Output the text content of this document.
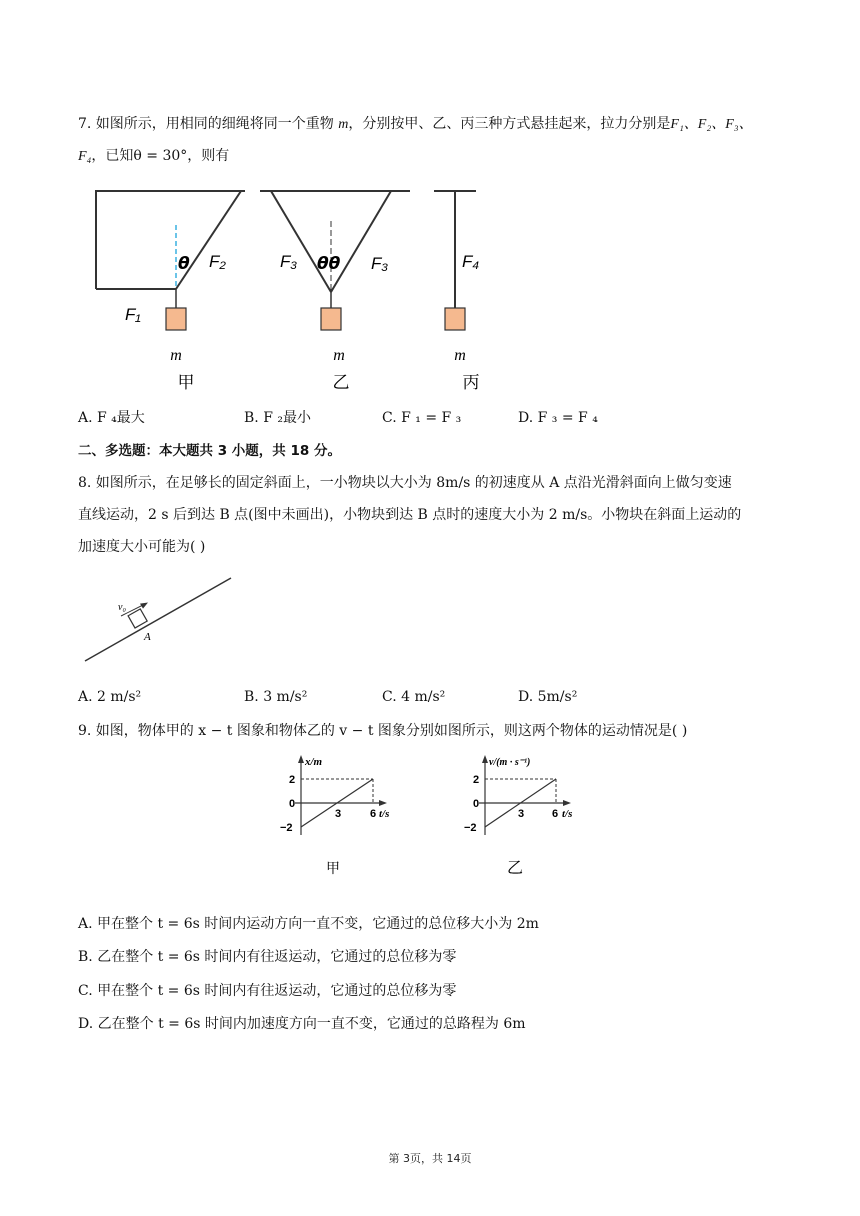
7. 如图所示，用相同的细绳将同一个重物 m，分别按甲、乙、丙三种方式悬挂起来，拉力分别是F₁、F₂、F₃、
F₄，已知θ = 30°，则有
θ F₂
F₁
m
甲
F₃ θθ F₃
m
乙
F₄
m
丙
A. F ₄最大	B. F ₂最小	C. F ₁ = F ₃	D. F ₃ = F ₄
二、多选题：本大题共 3 小题，共 18 分。
8. 如图所示，在足够长的固定斜面上，一小物块以大小为 8m/s 的初速度从 A 点沿光滑斜面向上做匀变速
直线运动，2 s 后到达 B 点(图中未画出)，小物块到达 B 点时的速度大小为 2 m/s。小物块在斜面上运动的
加速度大小可能为( )
v₀
A
A. 2 m/s²	B. 3 m/s²	C. 4 m/s²	D. 5m/s²
9. 如图，物体甲的 x − t 图象和物体乙的 v − t 图象分别如图所示，则这两个物体的运动情况是( )
x/m
2
0
−2
3	6 t/s
甲
v/(m · s⁻¹)
2
0
−2
3	6 t/s
乙
A. 甲在整个 t = 6s 时间内运动方向一直不变，它通过的总位移大小为 2m
B. 乙在整个 t = 6s 时间内有往返运动，它通过的总位移为零
C. 甲在整个 t = 6s 时间内有往返运动，它通过的总位移为零
D. 乙在整个 t = 6s 时间内加速度方向一直不变，它通过的总路程为 6m
第 3页，共 14页
